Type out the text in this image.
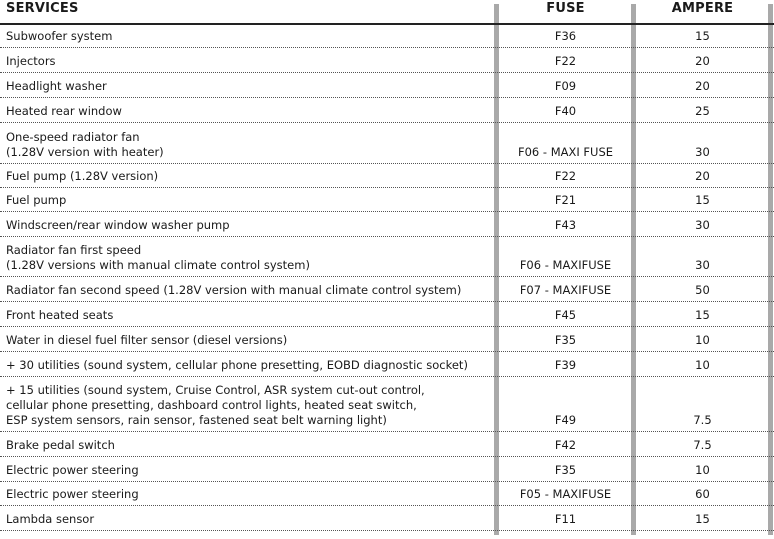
SERVICES	FUSE	AMPERE
Subwoofer system	F36	15
Injectors	F22	20
Headlight washer	F09	20
Heated rear window	F40	25
One-speed radiator fan
(1.28V version with heater)	F06 - MAXI FUSE	30
Fuel pump (1.28V version)	F22	20
Fuel pump	F21	15
Windscreen/rear window washer pump	F43	30
Radiator fan first speed
(1.28V versions with manual climate control system)	F06 - MAXIFUSE	30
Radiator fan second speed (1.28V version with manual climate control system)	F07 - MAXIFUSE	50
Front heated seats	F45	15
Water in diesel fuel filter sensor (diesel versions)	F35	10
+ 30 utilities (sound system, cellular phone presetting, EOBD diagnostic socket)	F39	10
+ 15 utilities (sound system, Cruise Control, ASR system cut-out control,
cellular phone presetting, dashboard control lights, heated seat switch,
ESP system sensors, rain sensor, fastened seat belt warning light)	F49	7.5
Brake pedal switch	F42	7.5
Electric power steering	F35	10
Electric power steering	F05 - MAXIFUSE	60
Lambda sensor	F11	15
